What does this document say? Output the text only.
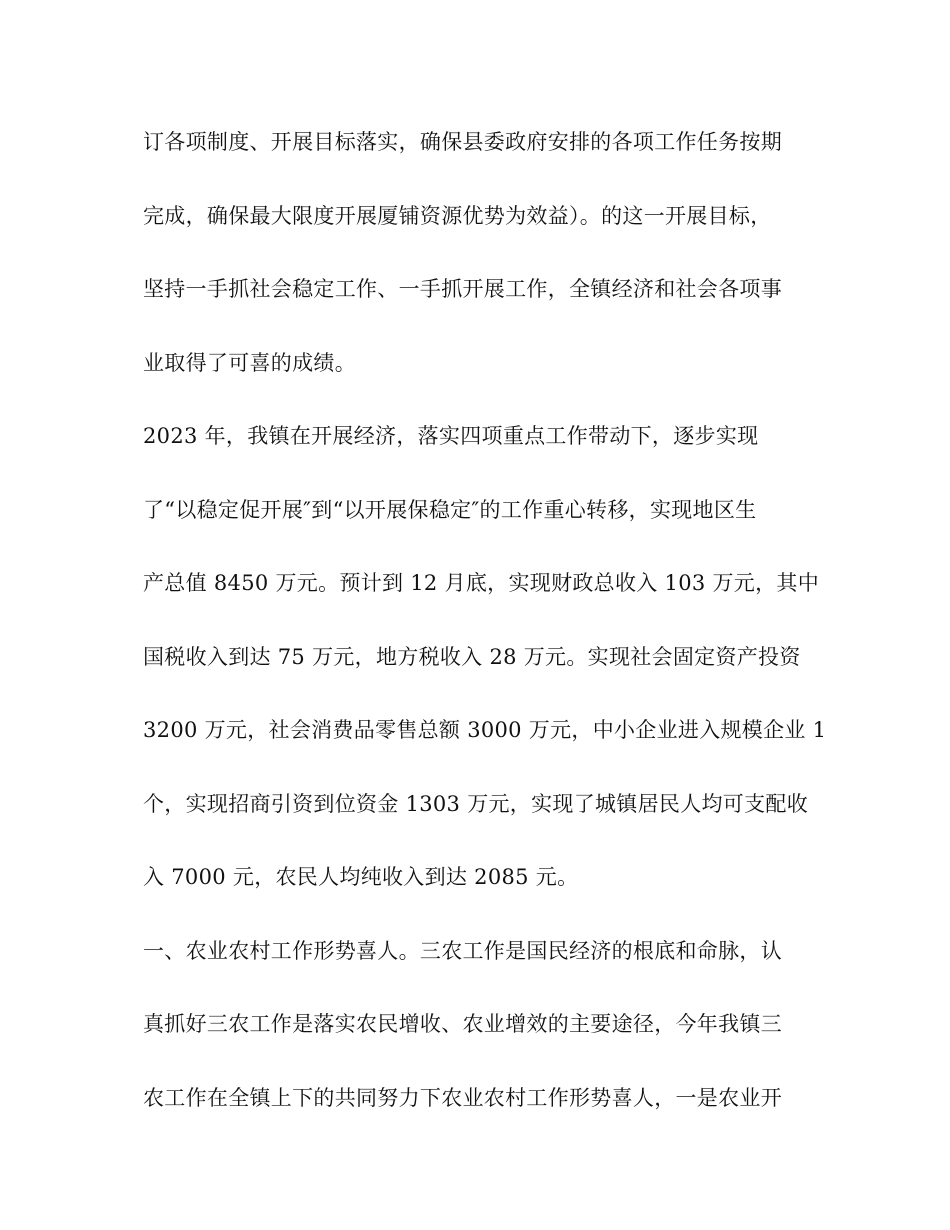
订各项制度、开展目标落实，确保县委政府安排的各项工作任务按期
完成，确保最大限度开展厦铺资源优势为效益）。的这一开展目标，
坚持一手抓社会稳定工作、一手抓开展工作，全镇经济和社会各项事
业取得了可喜的成绩。
2023 年，我镇在开展经济，落实四项重点工作带动下，逐步实现
了“以稳定促开展″到“以开展保稳定″的工作重心转移，实现地区生
产总值 8450 万元。预计到 12 月底，实现财政总收入 103 万元，其中
国税收入到达 75 万元，地方税收入 28 万元。实现社会固定资产投资
3200 万元，社会消费品零售总额 3000 万元，中小企业进入规模企业 1
个，实现招商引资到位资金 1303 万元，实现了城镇居民人均可支配收
入 7000 元，农民人均纯收入到达 2085 元。
一、农业农村工作形势喜人。三农工作是国民经济的根底和命脉，认
真抓好三农工作是落实农民增收、农业增效的主要途径，今年我镇三
农工作在全镇上下的共同努力下农业农村工作形势喜人，一是农业开
